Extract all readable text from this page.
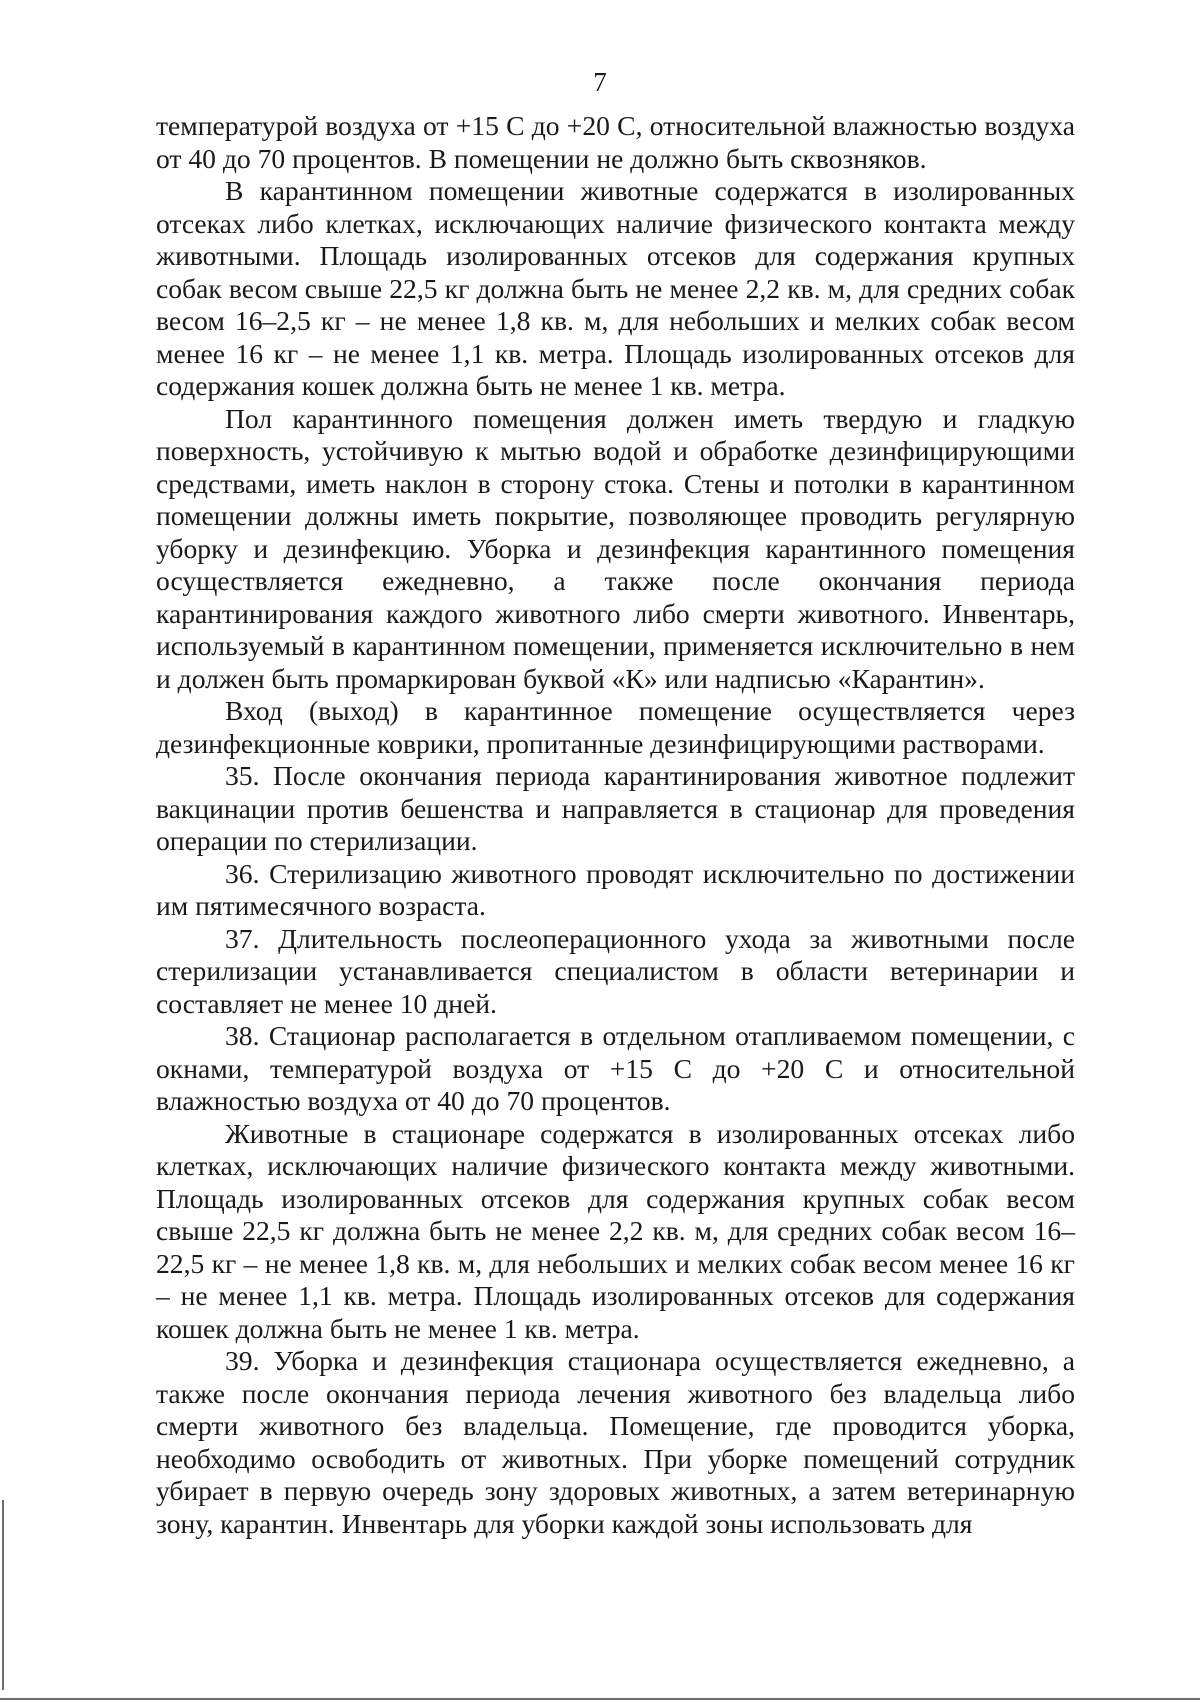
7

температурой воздуха от +15 С до +20 С, относительной влажностью воздуха от 40 до 70 процентов. В помещении не должно быть сквозняков.

В карантинном помещении животные содержатся в изолированных отсеках либо клетках, исключающих наличие физического контакта между животными. Площадь изолированных отсеков для содержания крупных собак весом свыше 22,5 кг должна быть не менее 2,2 кв. м, для средних собак весом 16–2,5 кг – не менее 1,8 кв. м, для небольших и мелких собак весом менее 16 кг – не менее 1,1 кв. метра. Площадь изолированных отсеков для содержания кошек должна быть не менее 1 кв. метра.

Пол карантинного помещения должен иметь твердую и гладкую поверхность, устойчивую к мытью водой и обработке дезинфицирующими средствами, иметь наклон в сторону стока. Стены и потолки в карантинном помещении должны иметь покрытие, позволяющее проводить регулярную уборку и дезинфекцию. Уборка и дезинфекция карантинного помещения осуществляется ежедневно, а также после окончания периода карантинирования каждого животного либо смерти животного. Инвентарь, используемый в карантинном помещении, применяется исключительно в нем и должен быть промаркирован буквой «К» или надписью «Карантин».

Вход (выход) в карантинное помещение осуществляется через дезинфекционные коврики, пропитанные дезинфицирующими растворами.

35. После окончания периода карантинирования животное подлежит вакцинации против бешенства и направляется в стационар для проведения операции по стерилизации.

36. Стерилизацию животного проводят исключительно по достижении им пятимесячного возраста.

37. Длительность послеоперационного ухода за животными после стерилизации устанавливается специалистом в области ветеринарии и составляет не менее 10 дней.

38. Стационар располагается в отдельном отапливаемом помещении, с окнами, температурой воздуха от +15 С до +20 С и относительной влажностью воздуха от 40 до 70 процентов.

Животные в стационаре содержатся в изолированных отсеках либо клетках, исключающих наличие физического контакта между животными. Площадь изолированных отсеков для содержания крупных собак весом свыше 22,5 кг должна быть не менее 2,2 кв. м, для средних собак весом 16–22,5 кг – не менее 1,8 кв. м, для небольших и мелких собак весом менее 16 кг – не менее 1,1 кв. метра. Площадь изолированных отсеков для содержания кошек должна быть не менее 1 кв. метра.

39. Уборка и дезинфекция стационара осуществляется ежедневно, а также после окончания периода лечения животного без владельца либо смерти животного без владельца. Помещение, где проводится уборка, необходимо освободить от животных. При уборке помещений сотрудник убирает в первую очередь зону здоровых животных, а затем ветеринарную зону, карантин. Инвентарь для уборки каждой зоны использовать для
